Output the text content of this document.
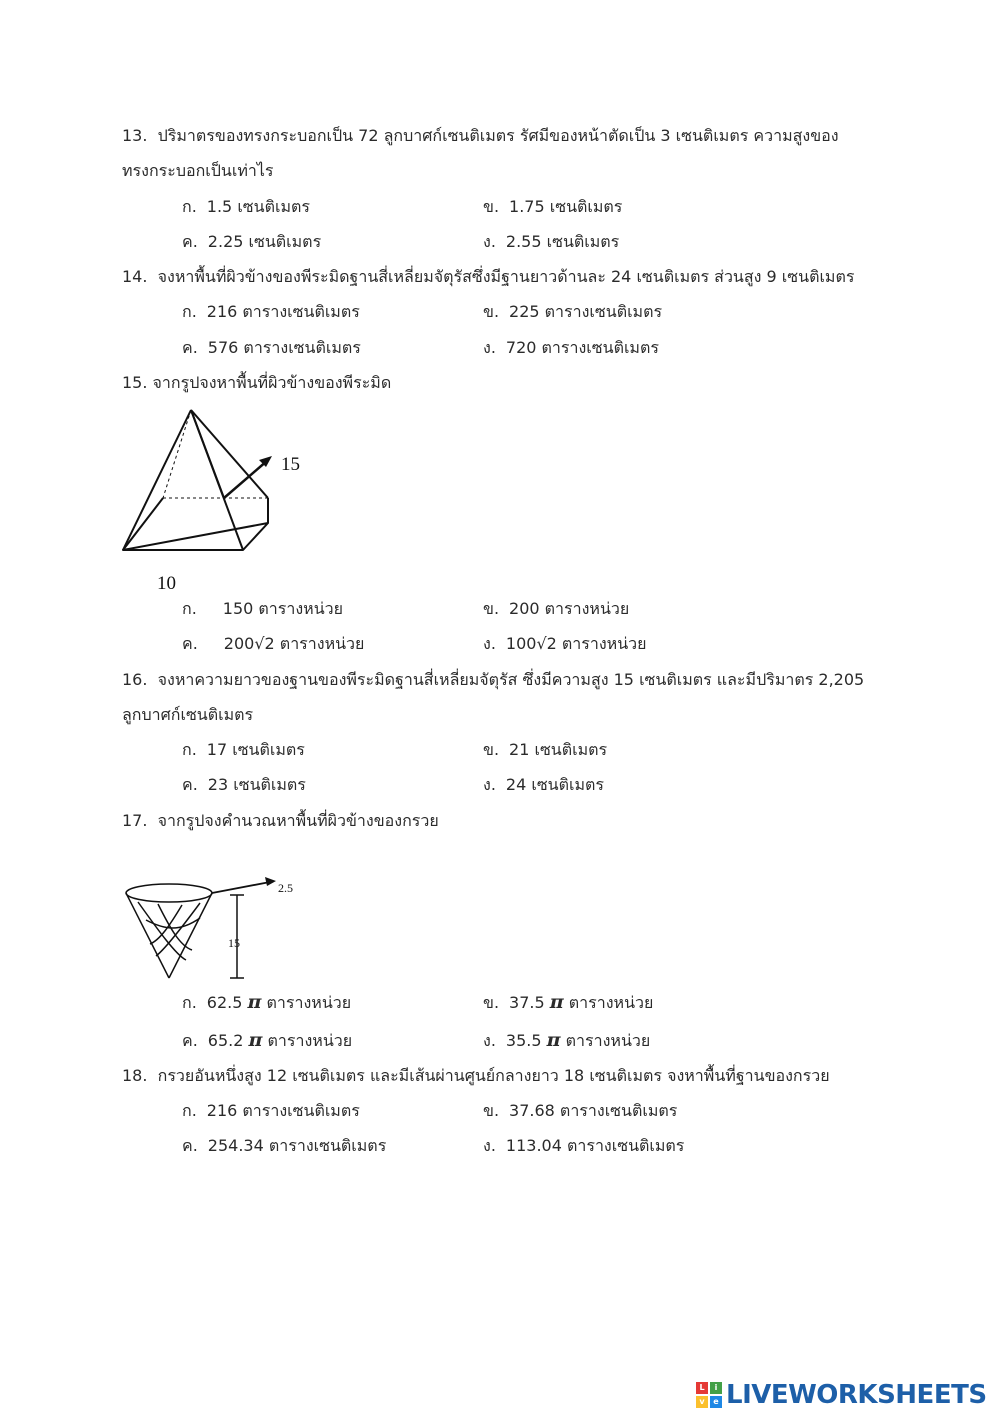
13. ปริมาตรของทรงกระบอกเป็น 72 ลูกบาศก์เซนติเมตร รัศมีของหน้าตัดเป็น 3 เซนติเมตร ความสูงของ
ทรงกระบอกเป็นเท่าไร
ก. 1.5 เซนติเมตร	ข. 1.75 เซนติเมตร
ค. 2.25 เซนติเมตร	ง. 2.55 เซนติเมตร
14. จงหาพื้นที่ผิวข้างของพีระมิดฐานสี่เหลี่ยมจัตุรัสซึ่งมีฐานยาวด้านละ 24 เซนติเมตร ส่วนสูง 9 เซนติเมตร
ก. 216 ตารางเซนติเมตร	ข. 225 ตารางเซนติเมตร
ค. 576 ตารางเซนติเมตร	ง. 720 ตารางเซนติเมตร
15. จากรูปจงหาพื้นที่ผิวข้างของพีระมิด
15
10
ก. 150 ตารางหน่วย	ข. 200 ตารางหน่วย
ค. 200√2 ตารางหน่วย	ง. 100√2 ตารางหน่วย
16. จงหาความยาวของฐานของพีระมิดฐานสี่เหลี่ยมจัตุรัส ซึ่งมีความสูง 15 เซนติเมตร และมีปริมาตร 2,205
ลูกบาศก์เซนติเมตร
ก. 17 เซนติเมตร	ข. 21 เซนติเมตร
ค. 23 เซนติเมตร	ง. 24 เซนติเมตร
17. จากรูปจงคำนวณหาพื้นที่ผิวข้างของกรวย
2.5
15
ก. 62.5 π ตารางหน่วย	ข. 37.5 π ตารางหน่วย
ค. 65.2 π ตารางหน่วย	ง. 35.5 π ตารางหน่วย
18. กรวยอันหนึ่งสูง 12 เซนติเมตร และมีเส้นผ่านศูนย์กลางยาว 18 เซนติเมตร จงหาพื้นที่ฐานของกรวย
ก. 216 ตารางเซนติเมตร	ข. 37.68 ตารางเซนติเมตร
ค. 254.34 ตารางเซนติเมตร	ง. 113.04 ตารางเซนติเมตร
L	i
v	e LIVEWORKSHEETS
